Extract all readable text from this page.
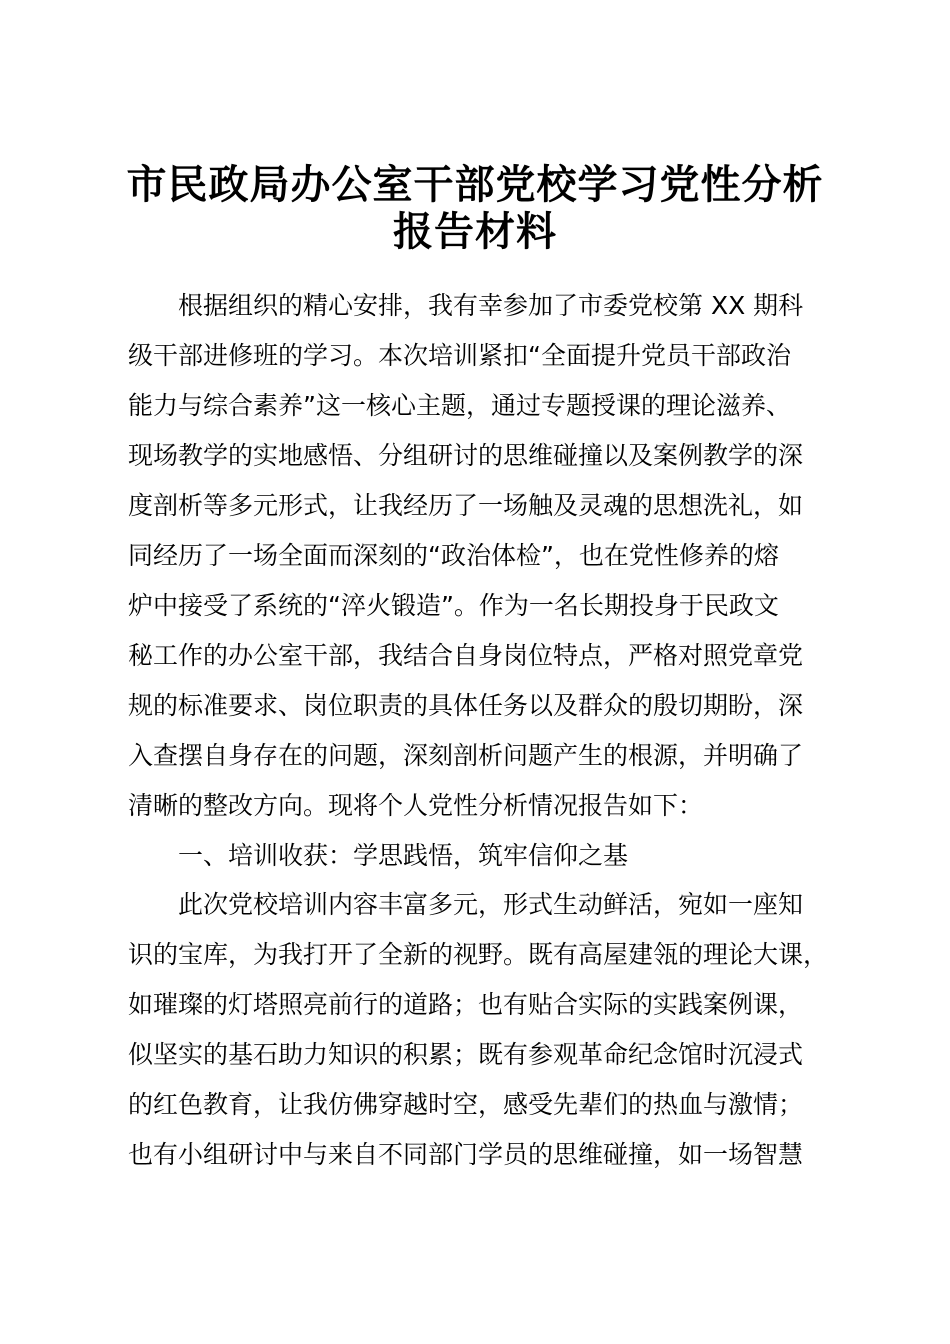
市民政局办公室干部党校学习党性分析
报告材料

根据组织的精心安排，我有幸参加了市委党校第 XX 期科

级干部进修班的学习。本次培训紧扣“全面提升党员干部政治

能力与综合素养”这一核心主题，通过专题授课的理论滋养、

现场教学的实地感悟、分组研讨的思维碰撞以及案例教学的深

度剖析等多元形式，让我经历了一场触及灵魂的思想洗礼，如

同经历了一场全面而深刻的“政治体检”，也在党性修养的熔

炉中接受了系统的“淬火锻造”。作为一名长期投身于民政文

秘工作的办公室干部，我结合自身岗位特点，严格对照党章党

规的标准要求、岗位职责的具体任务以及群众的殷切期盼，深

入查摆自身存在的问题，深刻剖析问题产生的根源，并明确了

清晰的整改方向。现将个人党性分析情况报告如下：

一、培训收获：学思践悟，筑牢信仰之基

此次党校培训内容丰富多元，形式生动鲜活，宛如一座知

识的宝库，为我打开了全新的视野。既有高屋建瓴的理论大课，

如璀璨的灯塔照亮前行的道路；也有贴合实际的实践案例课，

似坚实的基石助力知识的积累；既有参观革命纪念馆时沉浸式

的红色教育，让我仿佛穿越时空，感受先辈们的热血与激情；

也有小组研讨中与来自不同部门学员的思维碰撞，如一场智慧
